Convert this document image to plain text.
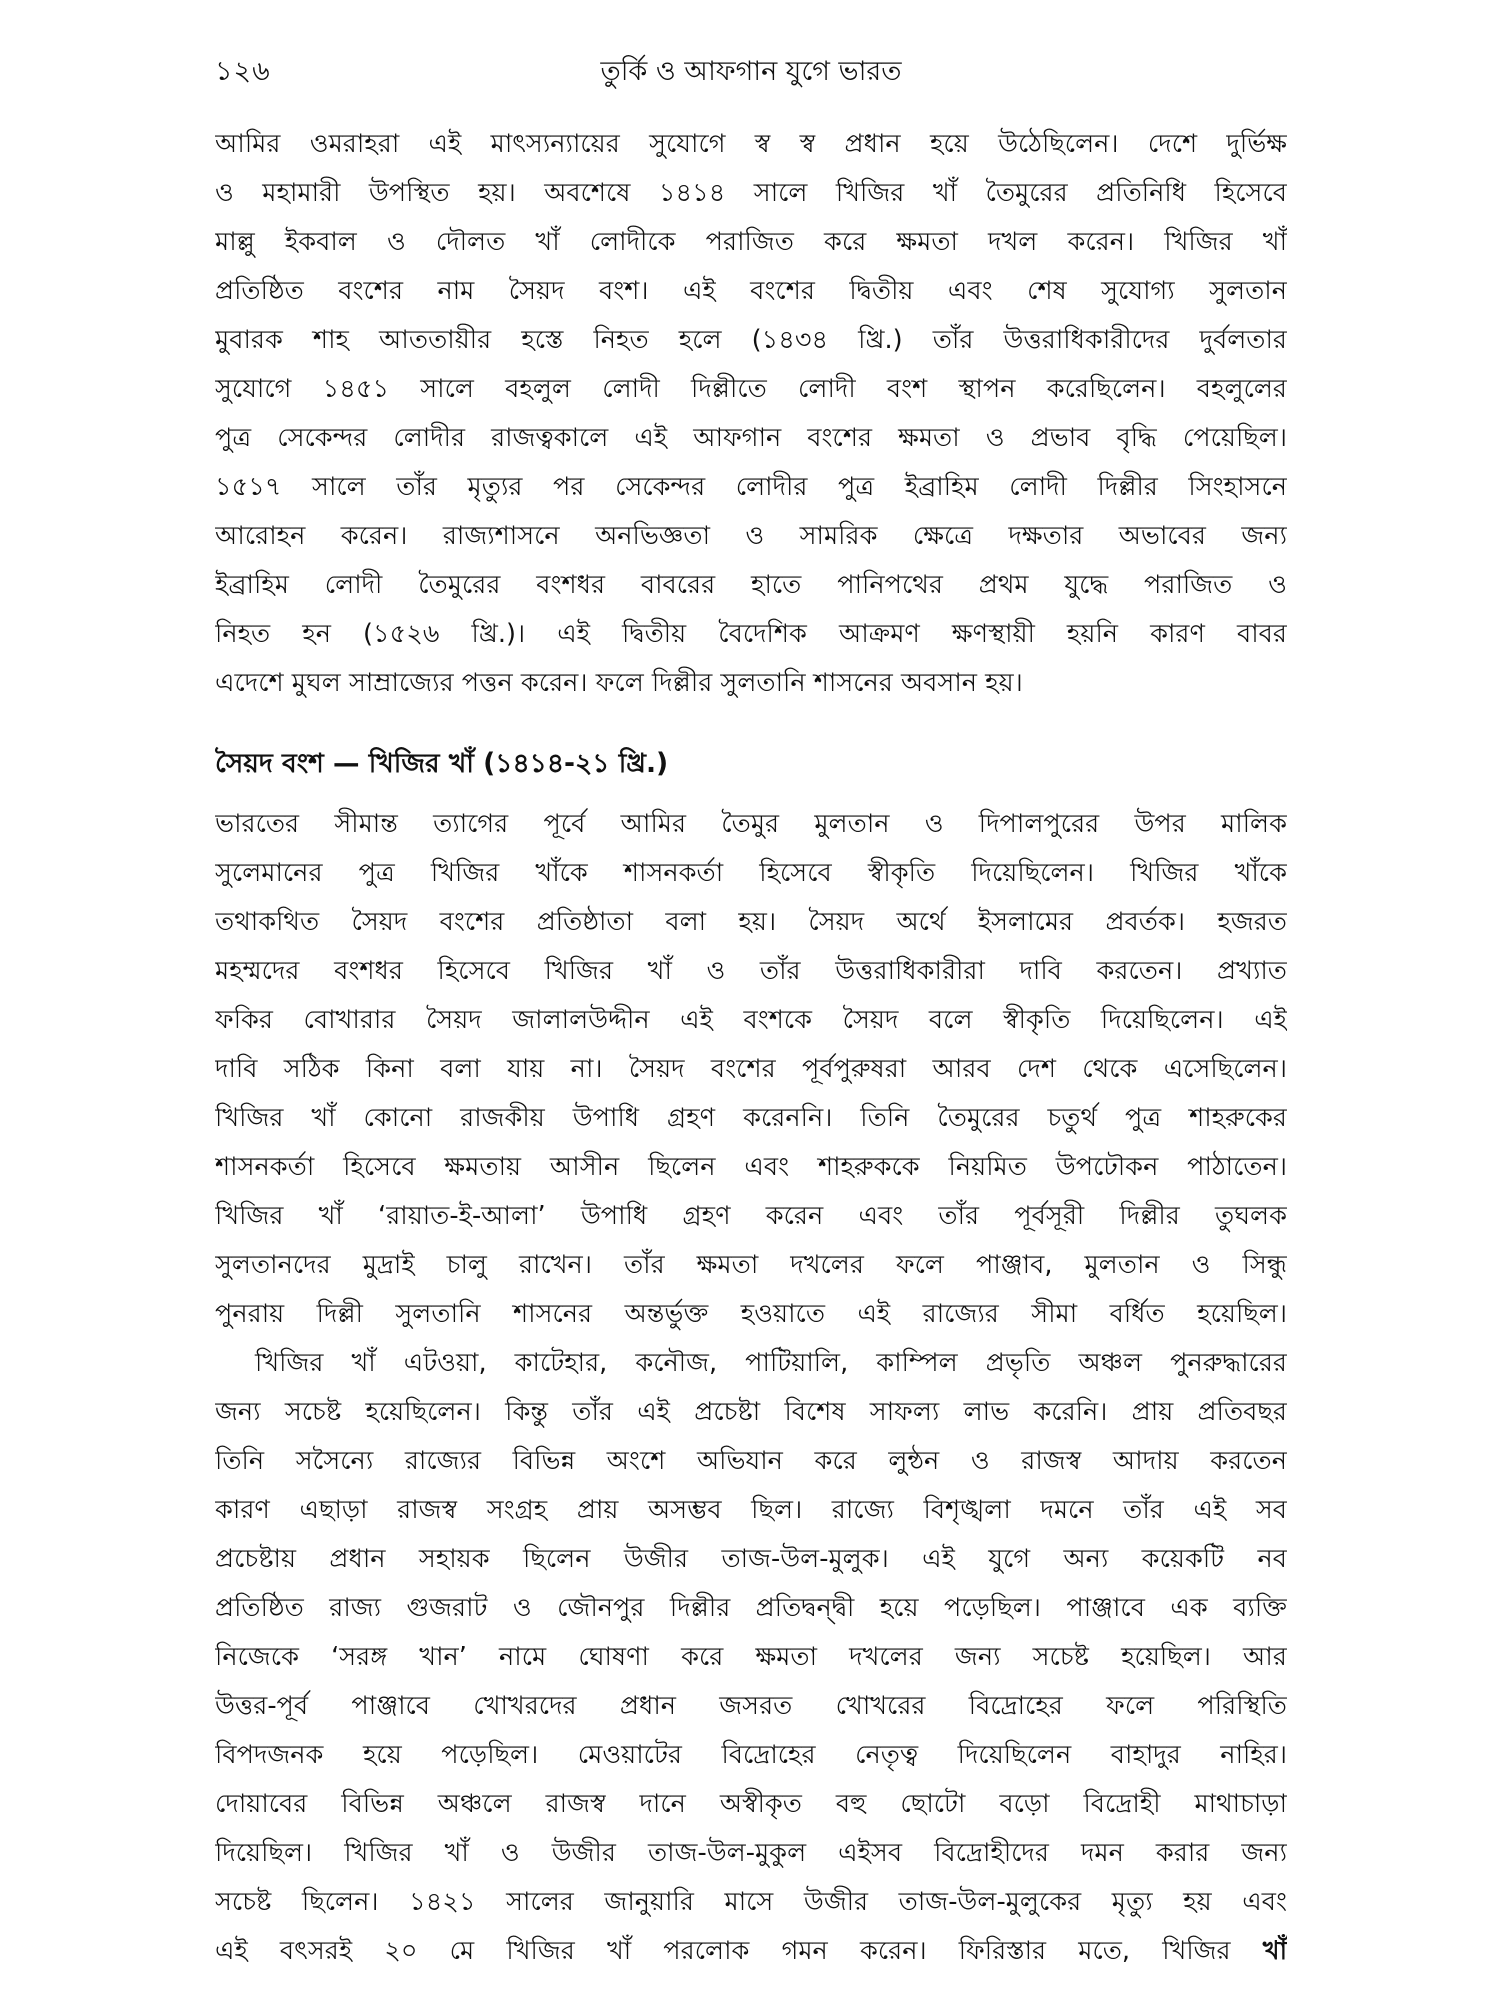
১২৬	তুর্কি ও আফগান যুগে ভারত
আমির ওমরাহরা এই মাৎস্যন্যায়ের সুযোগে স্ব স্ব প্রধান হয়ে উঠেছিলেন। দেশে দুর্ভিক্ষ
ও মহামারী উপস্থিত হয়। অবশেষে ১৪১৪ সালে খিজির খাঁ তৈমুরের প্রতিনিধি হিসেবে
মাল্লু ইকবাল ও দৌলত খাঁ লোদীকে পরাজিত করে ক্ষমতা দখল করেন। খিজির খাঁ
প্রতিষ্ঠিত বংশের নাম সৈয়দ বংশ। এই বংশের দ্বিতীয় এবং শেষ সুযোগ্য সুলতান
মুবারক শাহ আততায়ীর হস্তে নিহত হলে (১৪৩৪ খ্রি.) তাঁর উত্তরাধিকারীদের দুর্বলতার
সুযোগে ১৪৫১ সালে বহলুল লোদী দিল্লীতে লোদী বংশ স্থাপন করেছিলেন। বহলুলের
পুত্র সেকেন্দর লোদীর রাজত্বকালে এই আফগান বংশের ক্ষমতা ও প্রভাব বৃদ্ধি পেয়েছিল।
১৫১৭ সালে তাঁর মৃত্যুর পর সেকেন্দর লোদীর পুত্র ইব্রাহিম লোদী দিল্লীর সিংহাসনে
আরোহন করেন। রাজ্যশাসনে অনভিজ্ঞতা ও সামরিক ক্ষেত্রে দক্ষতার অভাবের জন্য
ইব্রাহিম লোদী তৈমুরের বংশধর বাবরের হাতে পানিপথের প্রথম যুদ্ধে পরাজিত ও
নিহত হন (১৫২৬ খ্রি.)। এই দ্বিতীয় বৈদেশিক আক্রমণ ক্ষণস্থায়ী হয়নি কারণ বাবর
এদেশে মুঘল সাম্রাজ্যের পত্তন করেন। ফলে দিল্লীর সুলতানি শাসনের অবসান হয়।
সৈয়দ বংশ — খিজির খাঁ (১৪১৪-২১ খ্রি.)
ভারতের সীমান্ত ত্যাগের পূর্বে আমির তৈমুর মুলতান ও দিপালপুরের উপর মালিক
সুলেমানের পুত্র খিজির খাঁকে শাসনকর্তা হিসেবে স্বীকৃতি দিয়েছিলেন। খিজির খাঁকে
তথাকথিত সৈয়দ বংশের প্রতিষ্ঠাতা বলা হয়। সৈয়দ অর্থে ইসলামের প্রবর্তক। হজরত
মহম্মদের বংশধর হিসেবে খিজির খাঁ ও তাঁর উত্তরাধিকারীরা দাবি করতেন। প্রখ্যাত
ফকির বোখারার সৈয়দ জালালউদ্দীন এই বংশকে সৈয়দ বলে স্বীকৃতি দিয়েছিলেন। এই
দাবি সঠিক কিনা বলা যায় না। সৈয়দ বংশের পূর্বপুরুষরা আরব দেশ থেকে এসেছিলেন।
খিজির খাঁ কোনো রাজকীয় উপাধি গ্রহণ করেননি। তিনি তৈমুরের চতুর্থ পুত্র শাহরুকের
শাসনকর্তা হিসেবে ক্ষমতায় আসীন ছিলেন এবং শাহরুককে নিয়মিত উপঢৌকন পাঠাতেন।
খিজির খাঁ ‘রায়াত-ই-আলা’ উপাধি গ্রহণ করেন এবং তাঁর পূর্বসূরী দিল্লীর তুঘলক
সুলতানদের মুদ্রাই চালু রাখেন। তাঁর ক্ষমতা দখলের ফলে পাঞ্জাব, মুলতান ও সিন্ধু
পুনরায় দিল্লী সুলতানি শাসনের অন্তর্ভুক্ত হওয়াতে এই রাজ্যের সীমা বর্ধিত হয়েছিল।
খিজির খাঁ এটওয়া, কাটেহার, কনৌজ, পাটিয়ালি, কাম্পিল প্রভৃতি অঞ্চল পুনরুদ্ধারের
জন্য সচেষ্ট হয়েছিলেন। কিন্তু তাঁর এই প্রচেষ্টা বিশেষ সাফল্য লাভ করেনি। প্রায় প্রতিবছর
তিনি সসৈন্যে রাজ্যের বিভিন্ন অংশে অভিযান করে লুন্ঠন ও রাজস্ব আদায় করতেন
কারণ এছাড়া রাজস্ব সংগ্রহ প্রায় অসম্ভব ছিল। রাজ্যে বিশৃঙ্খলা দমনে তাঁর এই সব
প্রচেষ্টায় প্রধান সহায়ক ছিলেন উজীর তাজ-উল-মুলুক। এই যুগে অন্য কয়েকটি নব
প্রতিষ্ঠিত রাজ্য গুজরাট ও জৌনপুর দিল্লীর প্রতিদ্বন্দ্বী হয়ে পড়েছিল। পাঞ্জাবে এক ব্যক্তি
নিজেকে ‘সরঙ্গ খান’ নামে ঘোষণা করে ক্ষমতা দখলের জন্য সচেষ্ট হয়েছিল। আর
উত্তর-পূর্ব পাঞ্জাবে খোখরদের প্রধান জসরত খোখরের বিদ্রোহের ফলে পরিস্থিতি
বিপদজনক হয়ে পড়েছিল। মেওয়াটের বিদ্রোহের নেতৃত্ব দিয়েছিলেন বাহাদুর নাহির।
দোয়াবের বিভিন্ন অঞ্চলে রাজস্ব দানে অস্বীকৃত বহু ছোটো বড়ো বিদ্রোহী মাথাচাড়া
দিয়েছিল। খিজির খাঁ ও উজীর তাজ-উল-মুকুল এইসব বিদ্রোহীদের দমন করার জন্য
সচেষ্ট ছিলেন। ১৪২১ সালের জানুয়ারি মাসে উজীর তাজ-উল-মুলুকের মৃত্যু হয় এবং
এই বৎসরই ২০ মে খিজির খাঁ পরলোক গমন করেন। ফিরিস্তার মতে, খিজির খাঁ
